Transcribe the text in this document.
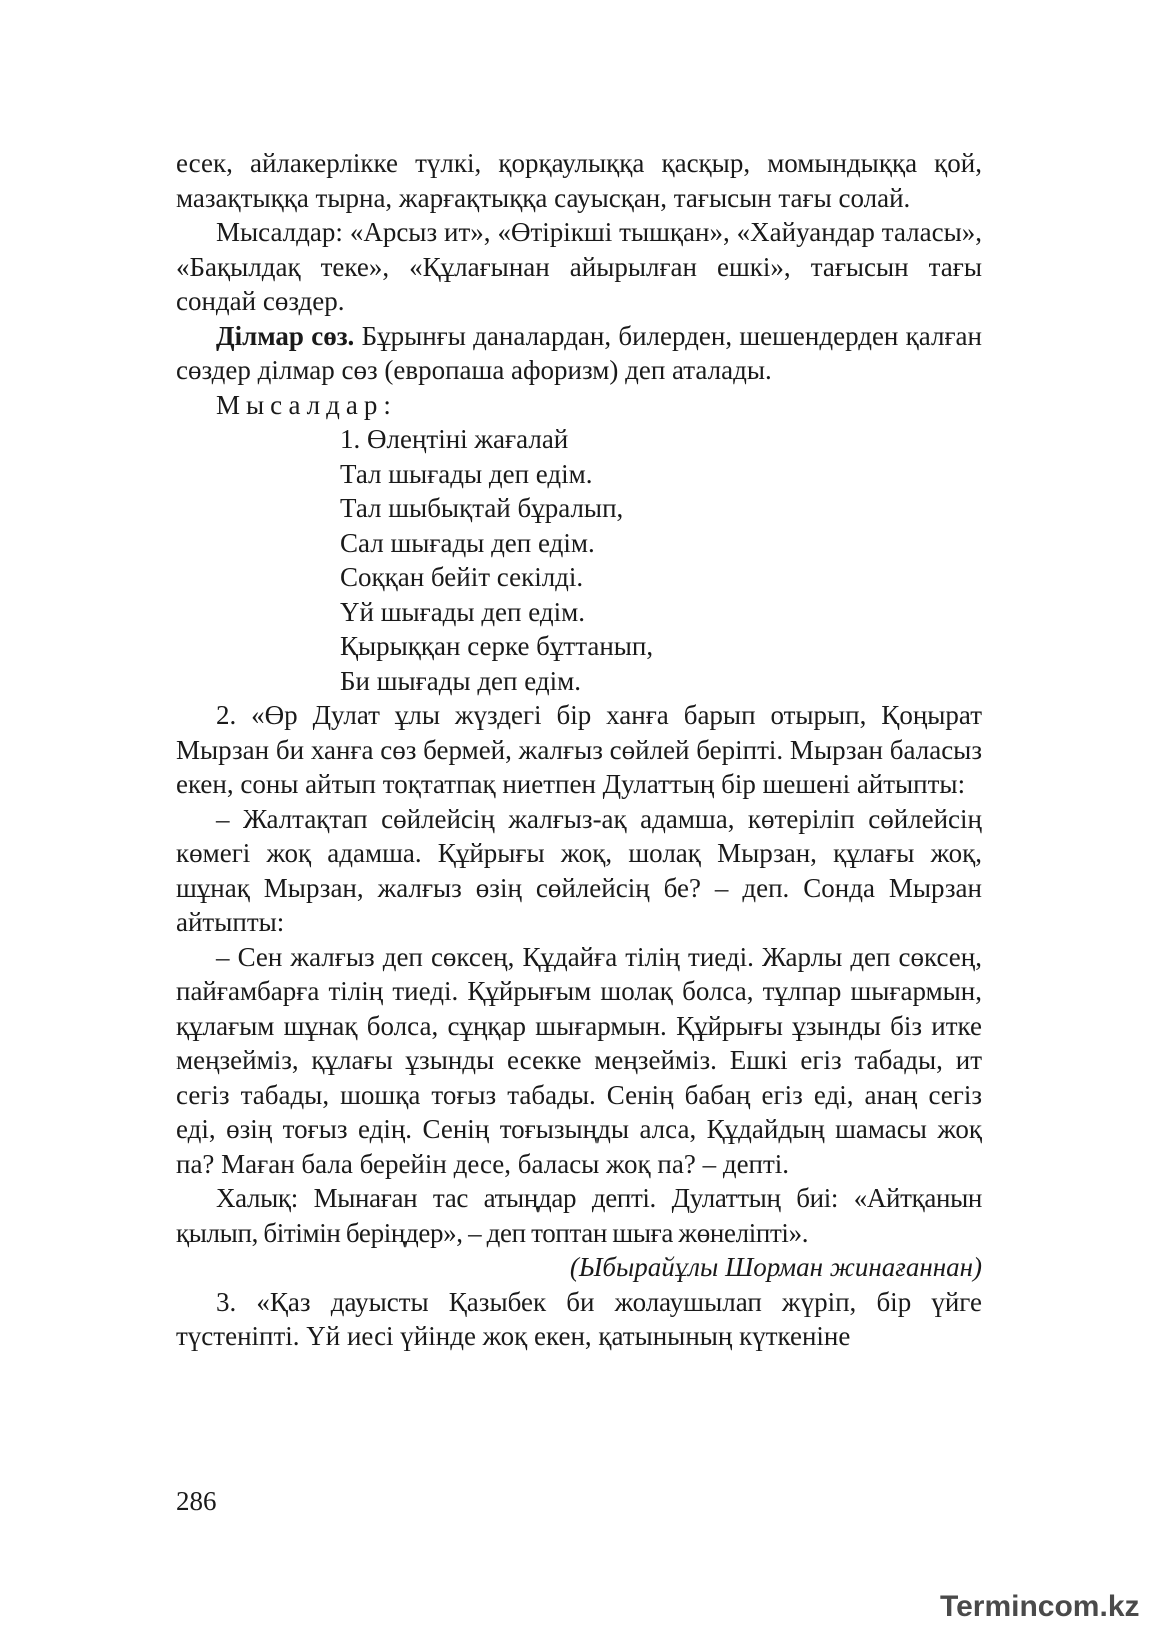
есек, айлакерлікке түлкі, қорқаулыққа қасқыр, момындыққа қой, мазақтыққа тырна, жарғақтыққа сауысқан, тағысын тағы солай.

Мысалдар: «Арсыз ит», «Өтірікші тышқан», «Хайуандар таласы», «Бақылдақ теке», «Құлағынан айырылған ешкі», тағысын тағы сондай сөздер.

Ділмар сөз. Бұрынғы даналардан, билерден, шешендерден қалған сөздер ділмар сөз (европаша афоризм) деп аталады.

Мысалдар:

1. Өлеңтіні жағалай
Тал шығады деп едім.
Тал шыбықтай бұралып,
Сал шығады деп едім.
Соққан бейіт секілді.
Үй шығады деп едім.
Қырыққан серке бұттанып,
Би шығады деп едім.

2. «Өр Дулат ұлы жүздегі бір ханға барып отырып, Қоңырат Мырзан би ханға сөз бермей, жалғыз сөйлей беріпті. Мырзан баласыз екен, соны айтып тоқтатпақ ниетпен Дулаттың бір шешені айтыпты:

– Жалтақтап сөйлейсің жалғыз-ақ адамша, көтеріліп сөйлейсің көмегі жоқ адамша. Құйрығы жоқ, шолақ Мырзан, құлағы жоқ, шұнақ Мырзан, жалғыз өзің сөйлейсің бе? – деп. Сонда Мырзан айтыпты:

– Сен жалғыз деп сөксең, Құдайға тілің тиеді. Жарлы деп сөксең, пайғамбарға тілің тиеді. Құйрығым шолақ болса, тұлпар шығармын, құлағым шұнақ болса, сұңқар шығармын. Құйрығы ұзынды біз итке меңзейміз, құлағы ұзынды есекке меңзейміз. Ешкі егіз табады, ит сегіз табады, шошқа тоғыз табады. Сенің бабаң егіз еді, анаң сегіз еді, өзің тоғыз едің. Сенің тоғызыңды алса, Құдайдың шамасы жоқ па? Маған бала берейін десе, баласы жоқ па? – депті.

Халық: Мынаған тас атыңдар депті. Дулаттың биі: «Айтқанын қылып, бітімін беріңдер», – деп топтан шыға жөнеліпті».

(Ыбырайұлы Шорман жинағаннан)

3. «Қаз дауысты Қазыбек би жолаушылап жүріп, бір үйге түстеніпті. Үй иесі үйінде жоқ екен, қатынының күткеніне

286
Termincom.kz
